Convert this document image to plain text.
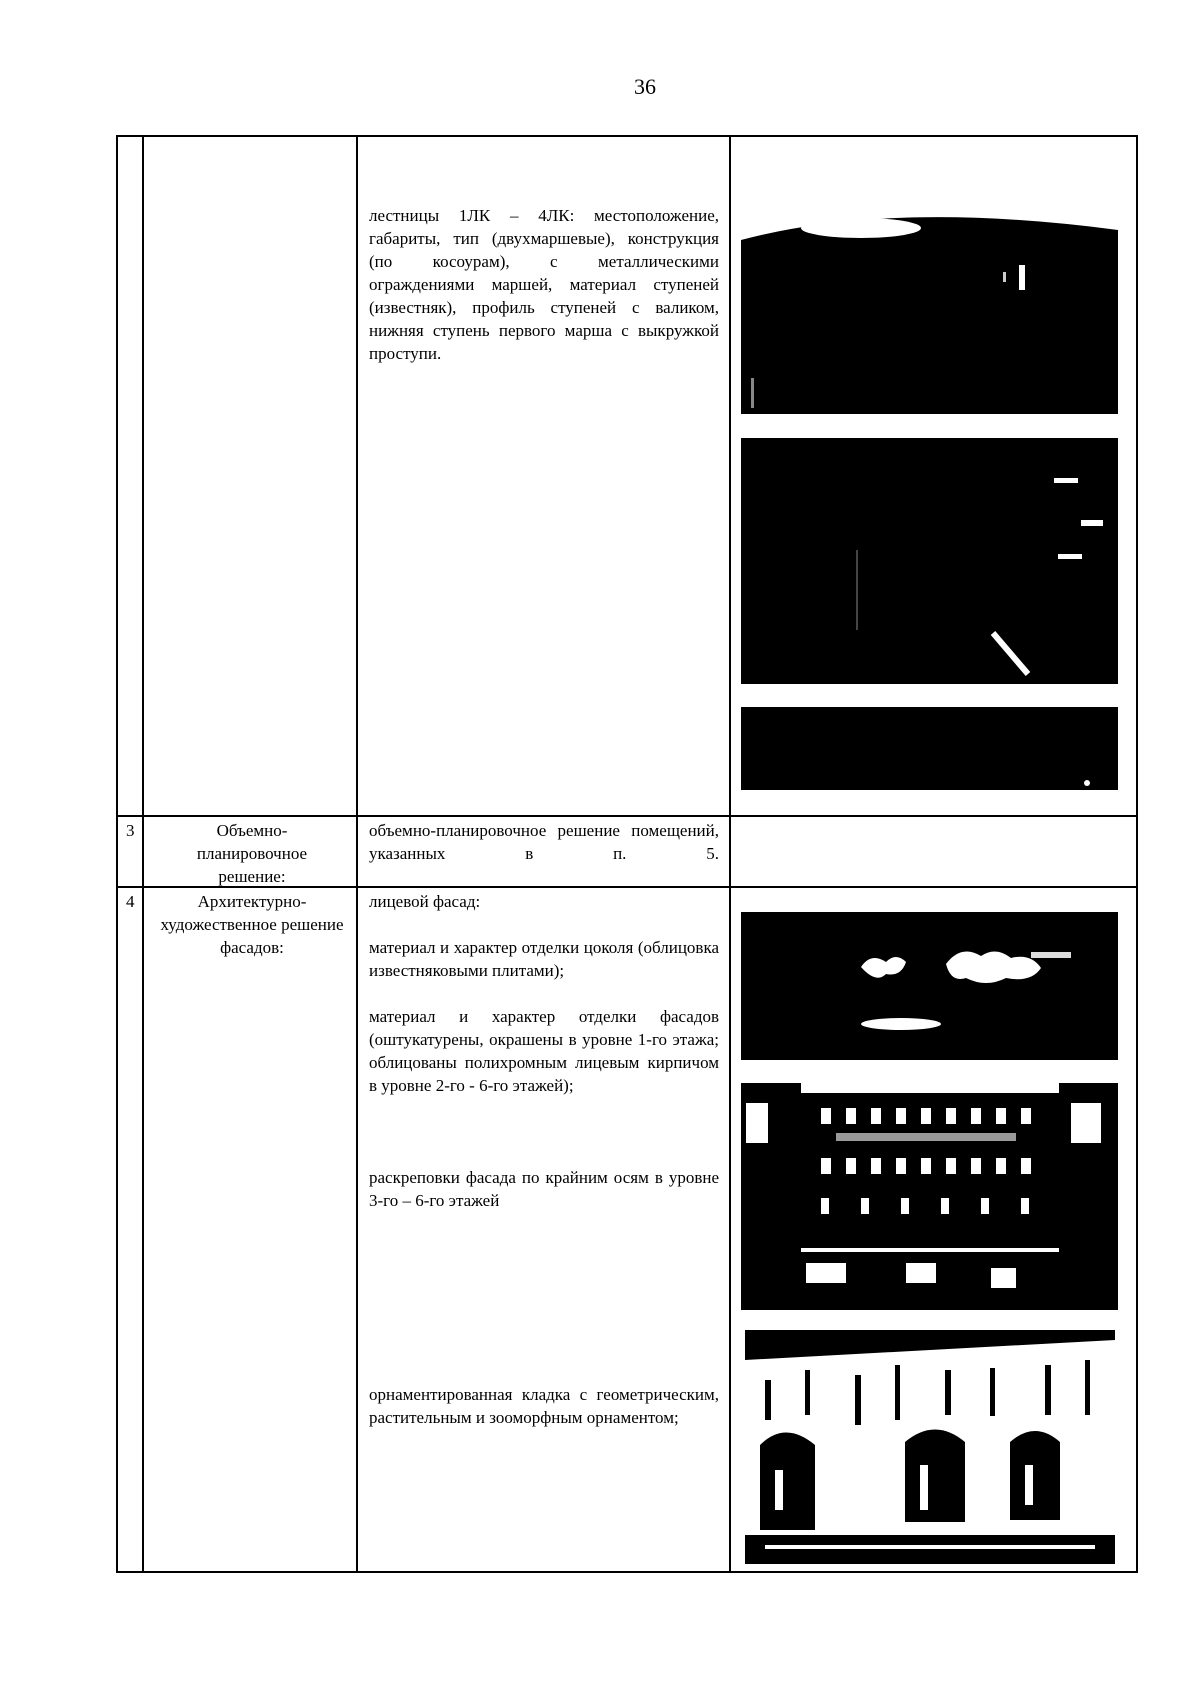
36

лестницы 1ЛК – 4ЛК: местоположение, габариты, тип (двухмаршевые), конструкция (по косоурам), с металлическими ограждениями маршей, материал ступеней (известняк), профиль ступеней с валиком, нижняя ступень первого марша с выкружкой проступи.

3	Объемно-планировочное решение:

объемно-планировочное решение помещений, указанных в п. 5.

4	Архитектурно-художественное решение фасадов:

лицевой фасад:

материал и характер отделки цоколя (облицовка известняковыми плитами);

материал и характер отделки фасадов (оштукатурены, окрашены в уровне 1-го этажа; облицованы полихромным лицевым кирпичом в уровне 2-го - 6-го этажей);

раскреповки фасада по крайним осям в уровне 3-го – 6-го этажей

орнаментированная кладка с геометрическим, растительным и зооморфным орнаментом;
